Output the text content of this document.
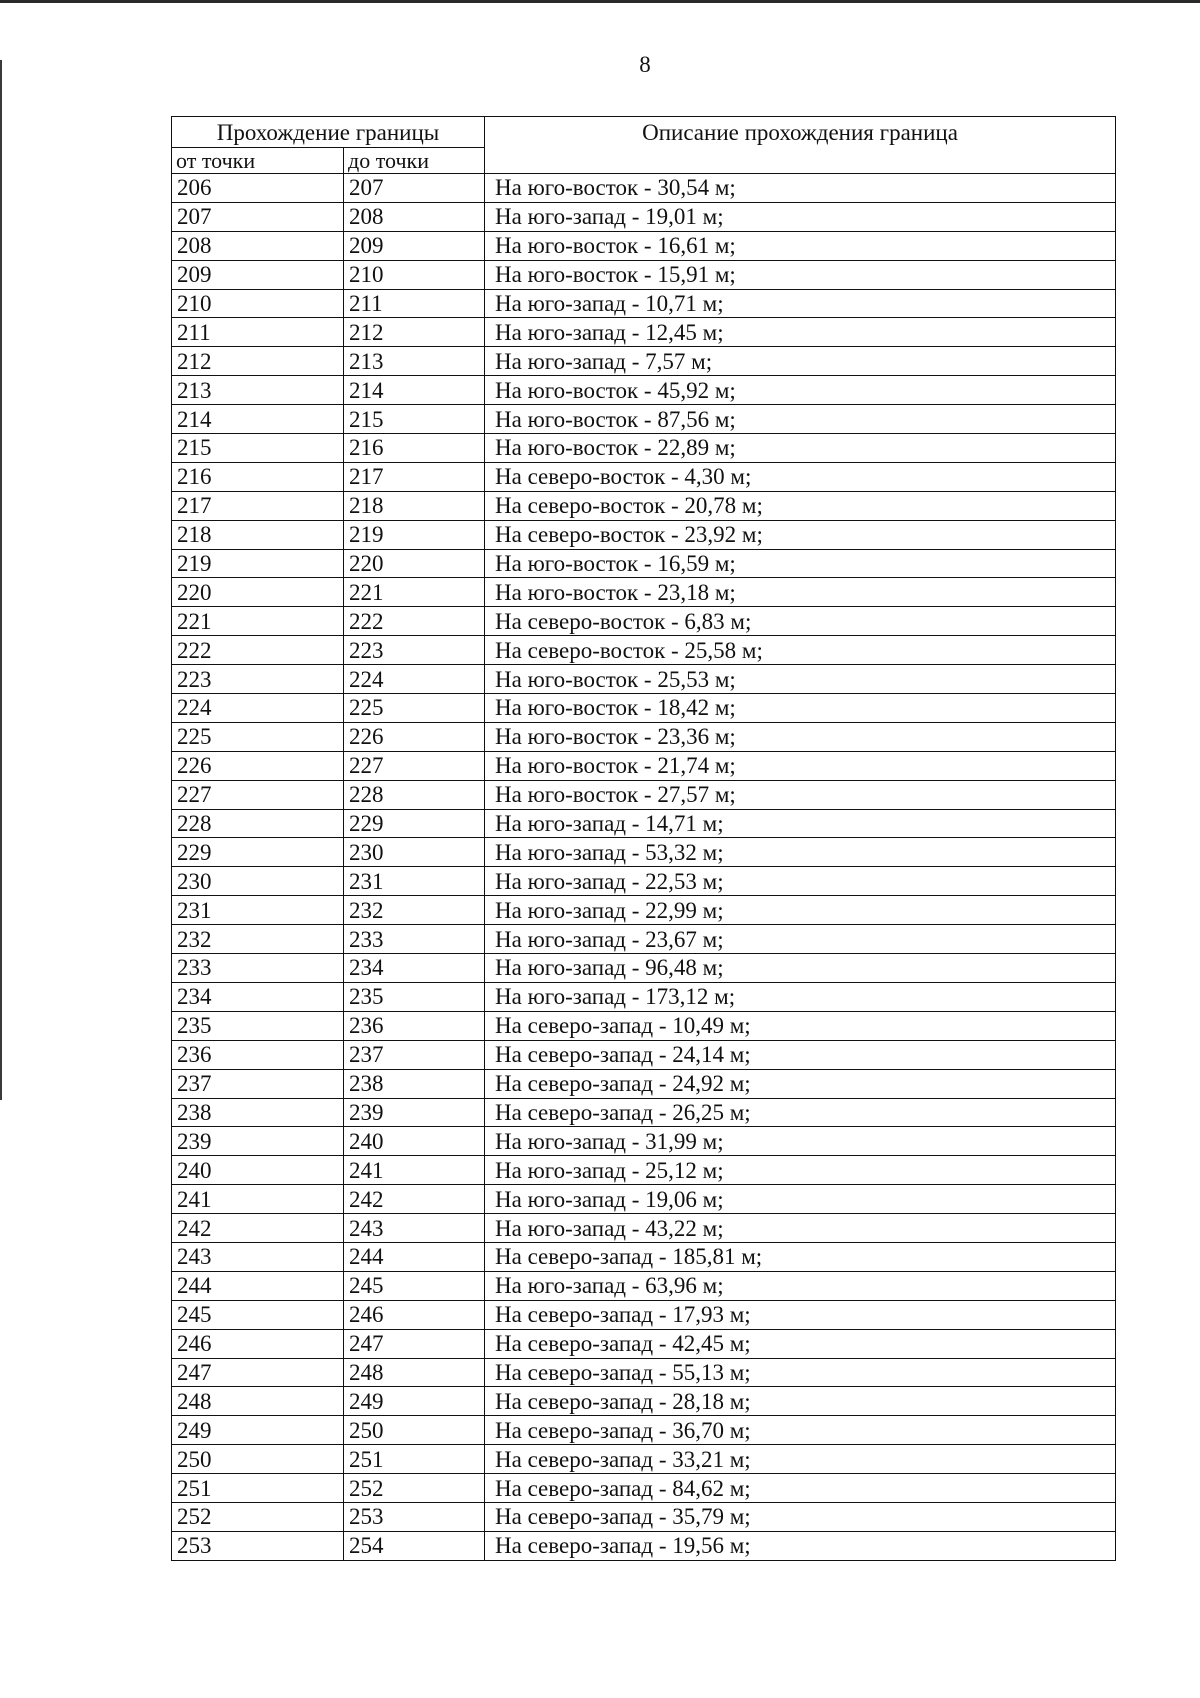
8
Прохождение границы		Описание прохождения граница
от точки	до точки	
206	207	На юго-восток - 30,54 м;
207	208	На юго-запад - 19,01 м;
208	209	На юго-восток - 16,61 м;
209	210	На юго-восток - 15,91 м;
210	211	На юго-запад - 10,71 м;
211	212	На юго-запад - 12,45 м;
212	213	На юго-запад - 7,57 м;
213	214	На юго-восток - 45,92 м;
214	215	На юго-восток - 87,56 м;
215	216	На юго-восток - 22,89 м;
216	217	На северо-восток - 4,30 м;
217	218	На северо-восток - 20,78 м;
218	219	На северо-восток - 23,92 м;
219	220	На юго-восток - 16,59 м;
220	221	На юго-восток - 23,18 м;
221	222	На северо-восток - 6,83 м;
222	223	На северо-восток - 25,58 м;
223	224	На юго-восток - 25,53 м;
224	225	На юго-восток - 18,42 м;
225	226	На юго-восток - 23,36 м;
226	227	На юго-восток - 21,74 м;
227	228	На юго-восток - 27,57 м;
228	229	На юго-запад - 14,71 м;
229	230	На юго-запад - 53,32 м;
230	231	На юго-запад - 22,53 м;
231	232	На юго-запад - 22,99 м;
232	233	На юго-запад - 23,67 м;
233	234	На юго-запад - 96,48 м;
234	235	На юго-запад - 173,12 м;
235	236	На северо-запад - 10,49 м;
236	237	На северо-запад - 24,14 м;
237	238	На северо-запад - 24,92 м;
238	239	На северо-запад - 26,25 м;
239	240	На юго-запад - 31,99 м;
240	241	На юго-запад - 25,12 м;
241	242	На юго-запад - 19,06 м;
242	243	На юго-запад - 43,22 м;
243	244	На северо-запад - 185,81 м;
244	245	На юго-запад - 63,96 м;
245	246	На северо-запад - 17,93 м;
246	247	На северо-запад - 42,45 м;
247	248	На северо-запад - 55,13 м;
248	249	На северо-запад - 28,18 м;
249	250	На северо-запад - 36,70 м;
250	251	На северо-запад - 33,21 м;
251	252	На северо-запад - 84,62 м;
252	253	На северо-запад - 35,79 м;
253	254	На северо-запад - 19,56 м;
